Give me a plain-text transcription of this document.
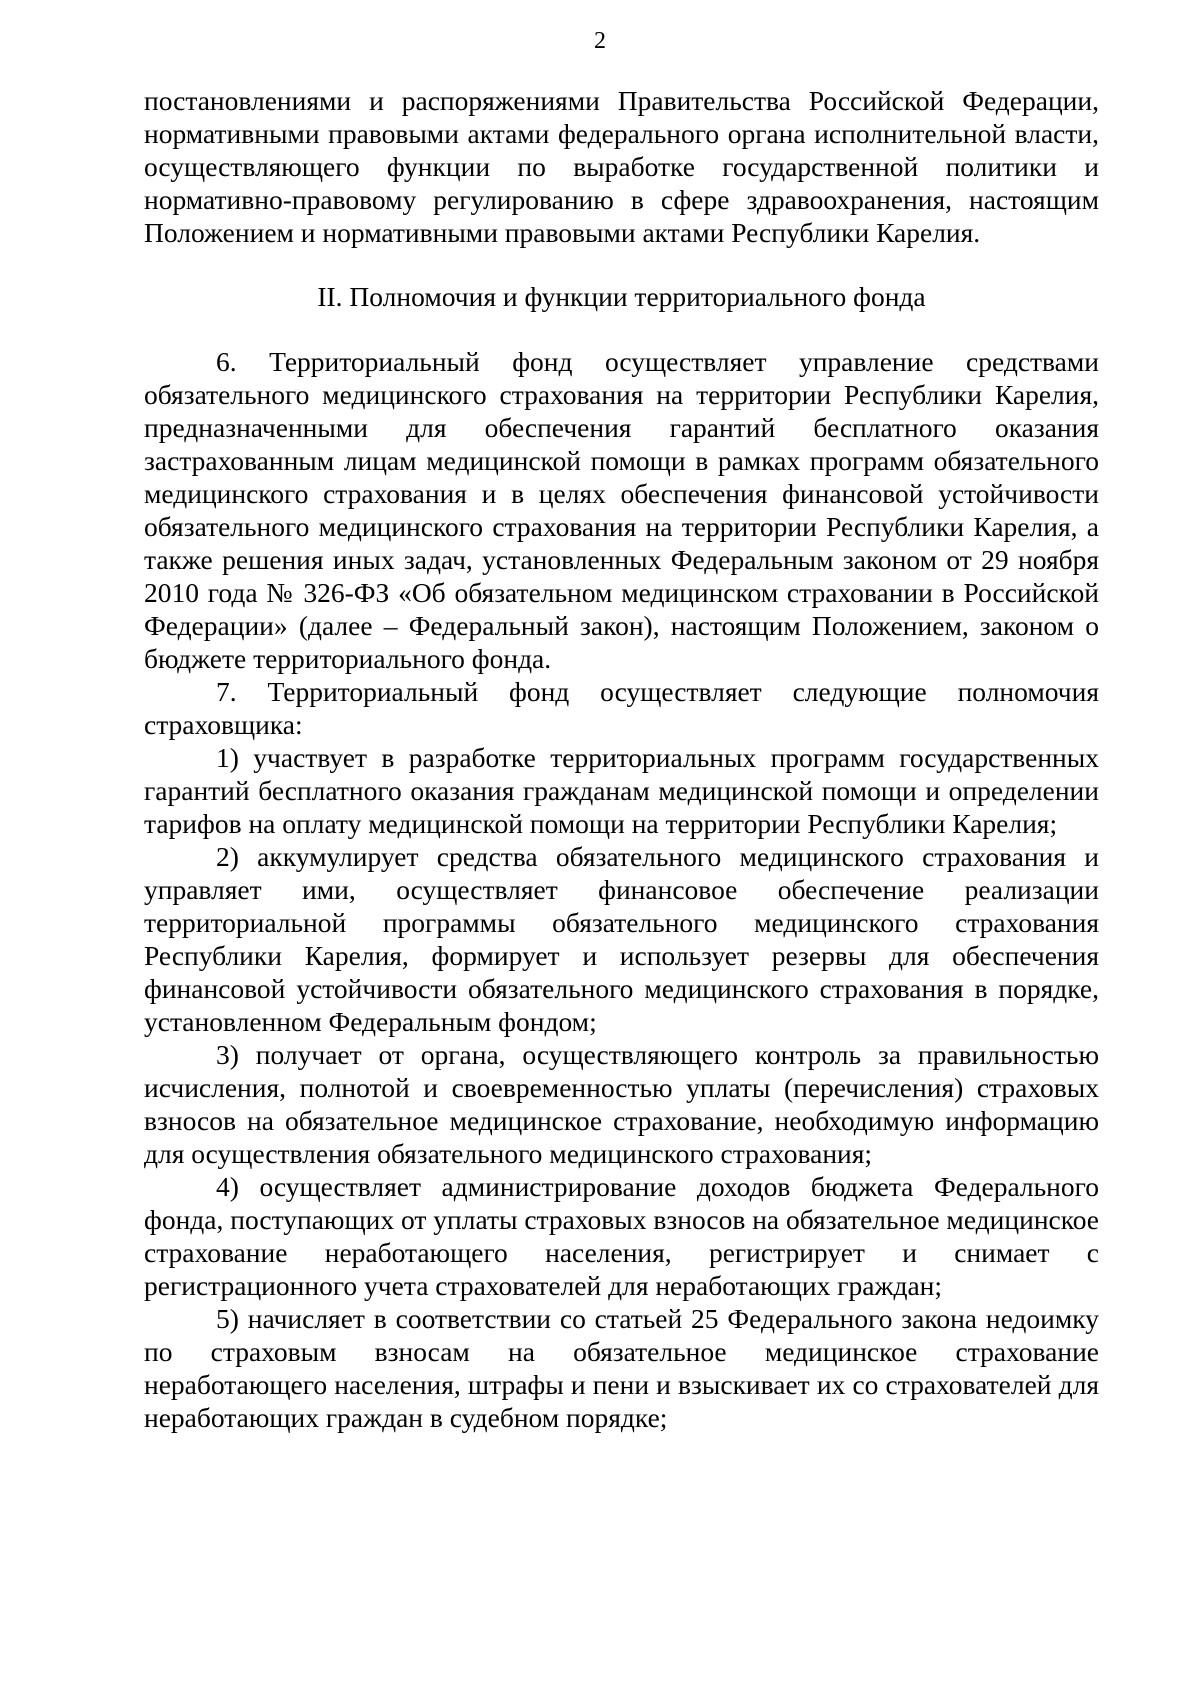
2

постановлениями и распоряжениями Правительства Российской Федерации, нормативными правовыми актами федерального органа исполнительной власти, осуществляющего функции по выработке государственной политики и нормативно-правовому регулированию в сфере здравоохранения, настоящим Положением и нормативными правовыми актами Республики Карелия.

II. Полномочия и функции территориального фонда

6. Территориальный фонд осуществляет управление средствами обязательного медицинского страхования на территории Республики Карелия, предназначенными для обеспечения гарантий бесплатного оказания застрахованным лицам медицинской помощи в рамках программ обязательного медицинского страхования и в целях обеспечения финансовой устойчивости обязательного медицинского страхования на территории Республики Карелия, а также решения иных задач, установленных Федеральным законом от 29 ноября 2010 года № 326-ФЗ «Об обязательном медицинском страховании в Российской Федерации» (далее – Федеральный закон), настоящим Положением, законом о бюджете территориального фонда.

7. Территориальный фонд осуществляет следующие полномочия страховщика:

1) участвует в разработке территориальных программ государственных гарантий бесплатного оказания гражданам медицинской помощи и определении тарифов на оплату медицинской помощи на территории Республики Карелия;

2) аккумулирует средства обязательного медицинского страхования и управляет ими, осуществляет финансовое обеспечение реализации территориальной программы обязательного медицинского страхования Республики Карелия, формирует и использует резервы для обеспечения финансовой устойчивости обязательного медицинского страхования в порядке, установленном Федеральным фондом;

3) получает от органа, осуществляющего контроль за правильностью исчисления, полнотой и своевременностью уплаты (перечисления) страховых взносов на обязательное медицинское страхование, необходимую информацию для осуществления обязательного медицинского страхования;

4) осуществляет администрирование доходов бюджета Федерального фонда, поступающих от уплаты страховых взносов на обязательное медицинское страхование неработающего населения, регистрирует и снимает с регистрационного учета страхователей для неработающих граждан;

5) начисляет в соответствии со статьей 25 Федерального закона недоимку по страховым взносам на обязательное медицинское страхование неработающего населения, штрафы и пени и взыскивает их со страхователей для неработающих граждан в судебном порядке;
